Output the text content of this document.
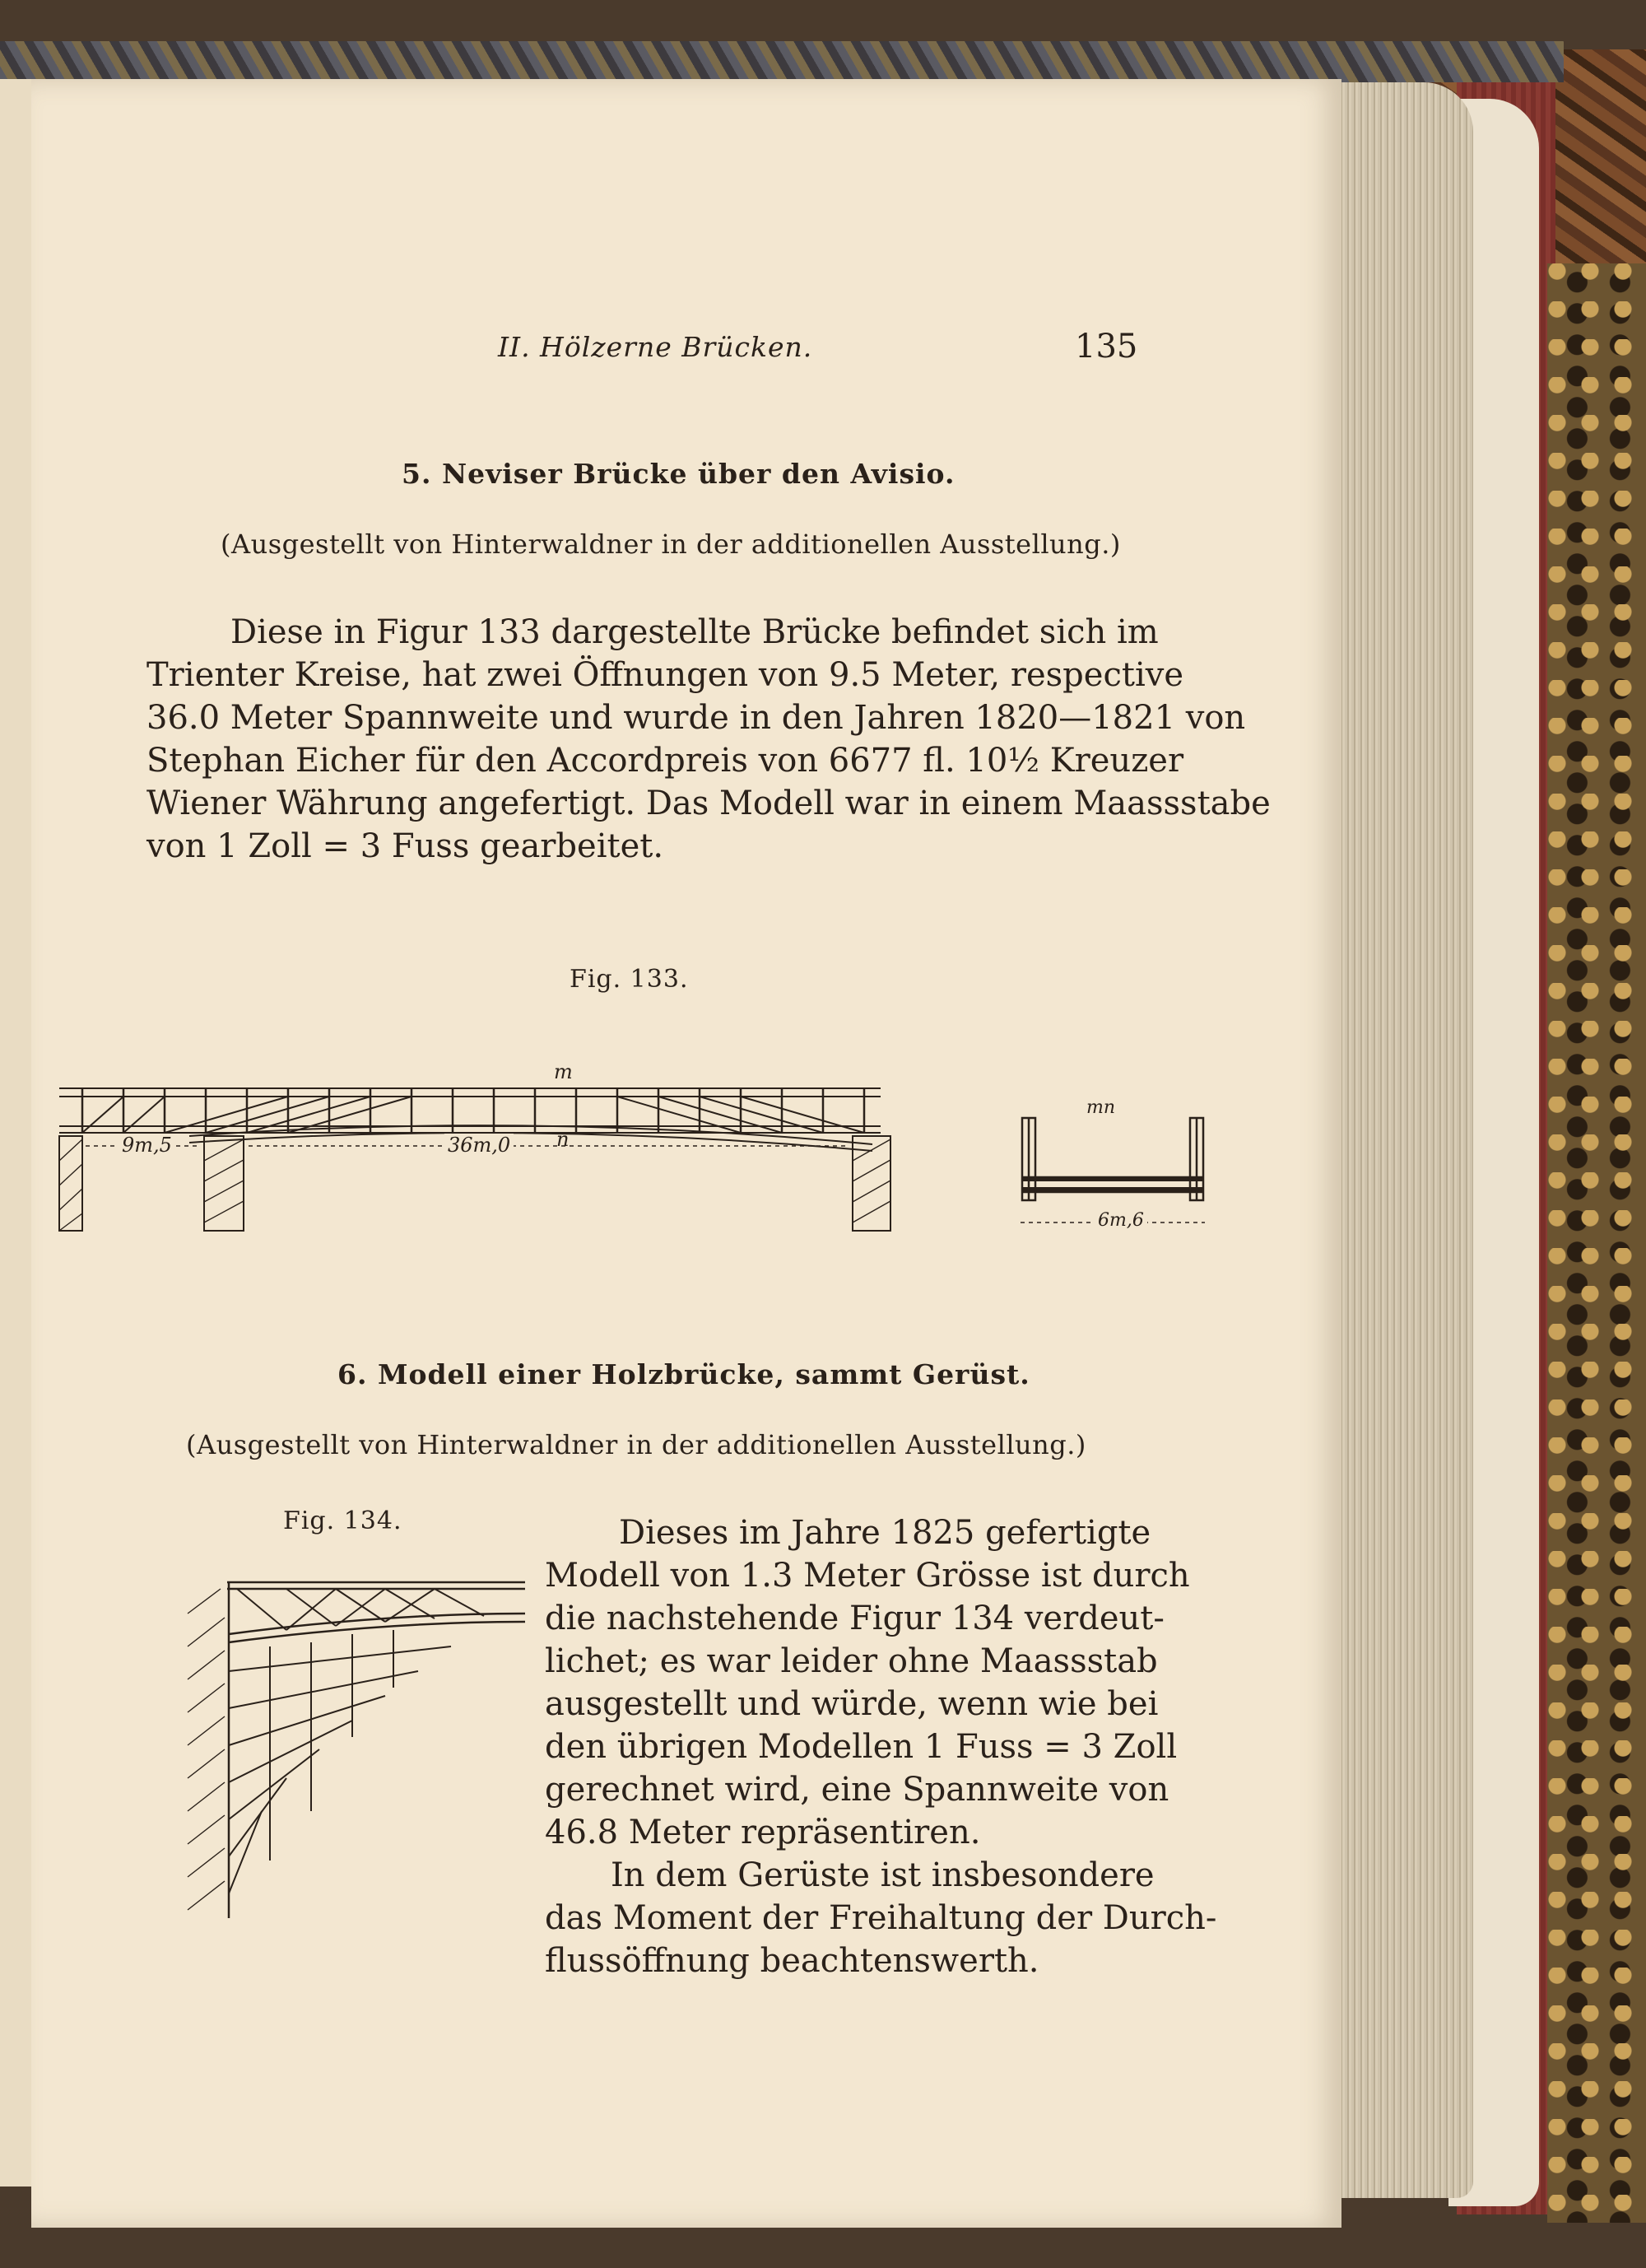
II. Hölzerne Brücken.	135
5. Neviser Brücke über den Avisio.
(Ausgestellt von Hinterwaldner in der additionellen Ausstellung.)
Diese in Figur 133 dargestellte Brücke befindet sich im
Trienter Kreise, hat zwei Öffnungen von 9.5 Meter, respective
36.0 Meter Spannweite und wurde in den Jahren 1820—1821 von
Stephan Eicher für den Accordpreis von 6677 fl. 10½ Kreuzer
Wiener Währung angefertigt. Das Modell war in einem Maassstabe
von 1 Zoll = 3 Fuss gearbeitet.
Fig. 133.
m
n
mn
9m,5	36m,0
6m,6
6. Modell einer Holzbrücke, sammt Gerüst.
(Ausgestellt von Hinterwaldner in der additionellen Ausstellung.)
Fig. 134.	Dieses im Jahre 1825 gefertigte
Modell von 1.3 Meter Grösse ist durch
die nachstehende Figur 134 verdeut-
lichet; es war leider ohne Maassstab
ausgestellt und würde, wenn wie bei
den übrigen Modellen 1 Fuss = 3 Zoll
gerechnet wird, eine Spannweite von
46.8 Meter repräsentiren.
In dem Gerüste ist insbesondere
das Moment der Freihaltung der Durch-
flussöffnung beachtenswerth.
